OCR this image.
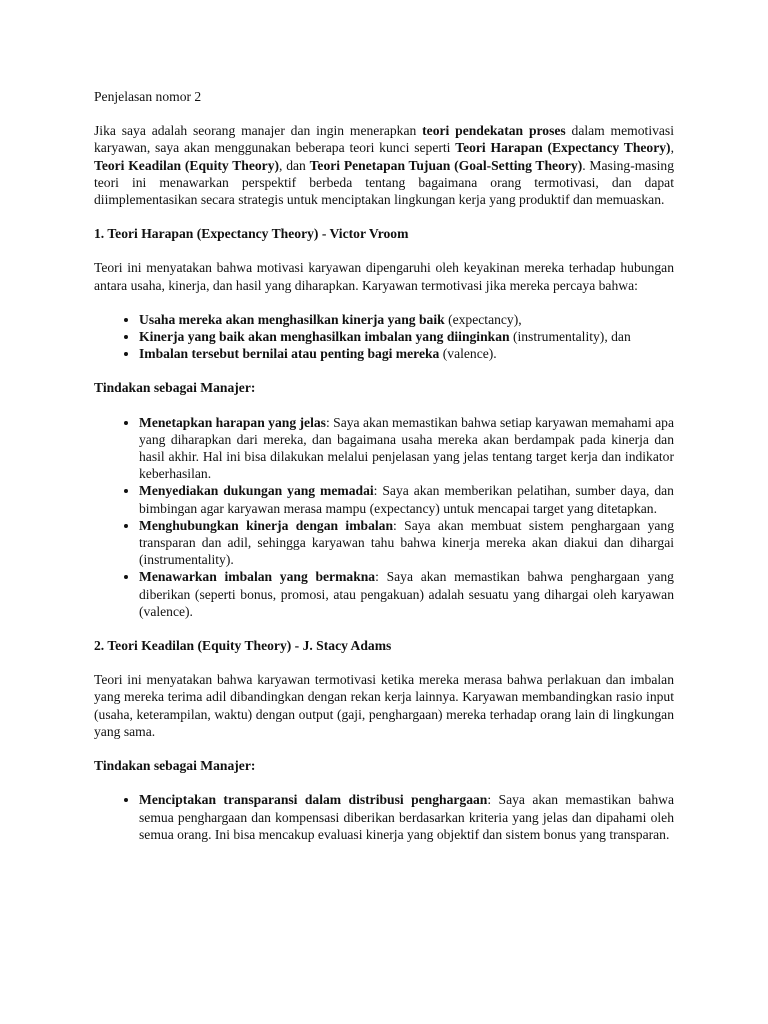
Penjelasan nomor 2

Jika saya adalah seorang manajer dan ingin menerapkan teori pendekatan proses dalam memotivasi karyawan, saya akan menggunakan beberapa teori kunci seperti Teori Harapan (Expectancy Theory), Teori Keadilan (Equity Theory), dan Teori Penetapan Tujuan (Goal-Setting Theory). Masing-masing teori ini menawarkan perspektif berbeda tentang bagaimana orang termotivasi, dan dapat diimplementasikan secara strategis untuk menciptakan lingkungan kerja yang produktif dan memuaskan.

1. Teori Harapan (Expectancy Theory) - Victor Vroom

Teori ini menyatakan bahwa motivasi karyawan dipengaruhi oleh keyakinan mereka terhadap hubungan antara usaha, kinerja, dan hasil yang diharapkan. Karyawan termotivasi jika mereka percaya bahwa:

• Usaha mereka akan menghasilkan kinerja yang baik (expectancy),
• Kinerja yang baik akan menghasilkan imbalan yang diinginkan (instrumentality), dan
• Imbalan tersebut bernilai atau penting bagi mereka (valence).

Tindakan sebagai Manajer:

• Menetapkan harapan yang jelas: Saya akan memastikan bahwa setiap karyawan memahami apa yang diharapkan dari mereka, dan bagaimana usaha mereka akan berdampak pada kinerja dan hasil akhir. Hal ini bisa dilakukan melalui penjelasan yang jelas tentang target kerja dan indikator keberhasilan.
• Menyediakan dukungan yang memadai: Saya akan memberikan pelatihan, sumber daya, dan bimbingan agar karyawan merasa mampu (expectancy) untuk mencapai target yang ditetapkan.
• Menghubungkan kinerja dengan imbalan: Saya akan membuat sistem penghargaan yang transparan dan adil, sehingga karyawan tahu bahwa kinerja mereka akan diakui dan dihargai (instrumentality).
• Menawarkan imbalan yang bermakna: Saya akan memastikan bahwa penghargaan yang diberikan (seperti bonus, promosi, atau pengakuan) adalah sesuatu yang dihargai oleh karyawan (valence).

2. Teori Keadilan (Equity Theory) - J. Stacy Adams

Teori ini menyatakan bahwa karyawan termotivasi ketika mereka merasa bahwa perlakuan dan imbalan yang mereka terima adil dibandingkan dengan rekan kerja lainnya. Karyawan membandingkan rasio input (usaha, keterampilan, waktu) dengan output (gaji, penghargaan) mereka terhadap orang lain di lingkungan yang sama.

Tindakan sebagai Manajer:

• Menciptakan transparansi dalam distribusi penghargaan: Saya akan memastikan bahwa semua penghargaan dan kompensasi diberikan berdasarkan kriteria yang jelas dan dipahami oleh semua orang. Ini bisa mencakup evaluasi kinerja yang objektif dan sistem bonus yang transparan.
